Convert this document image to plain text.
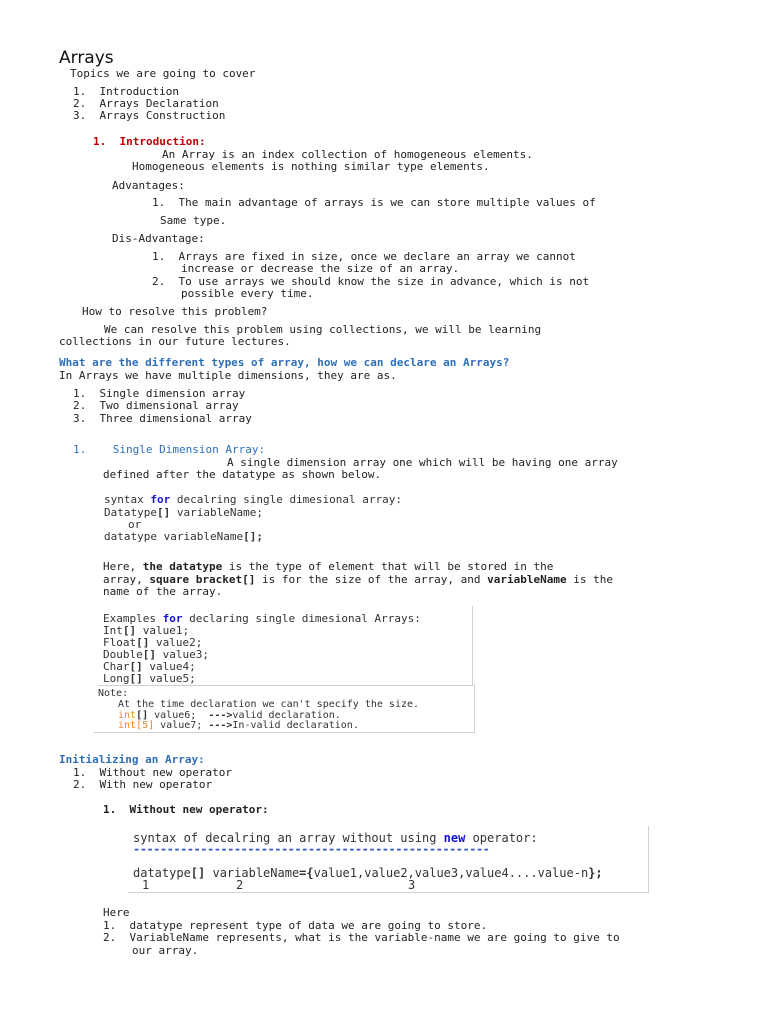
Arrays
Topics we are going to cover
1.  Introduction
2.  Arrays Declaration
3.  Arrays Construction
1.  Introduction:
An Array is an index collection of homogeneous elements.
Homogeneous elements is nothing similar type elements.
Advantages:
1.  The main advantage of arrays is we can store multiple values of
Same type.
Dis-Advantage:
1.  Arrays are fixed in size, once we declare an array we cannot
increase or decrease the size of an array.
2.  To use arrays we should know the size in advance, which is not
possible every time.
How to resolve this problem?
We can resolve this problem using collections, we will be learning
collections in our future lectures.
What are the different types of array, how we can declare an Arrays?
In Arrays we have multiple dimensions, they are as.
1.  Single dimension array
2.  Two dimensional array
3.  Three dimensional array
1.    Single Dimension Array:
A single dimension array one which will be having one array
defined after the datatype as shown below.
syntax for decalring single dimesional array:
Datatype[] variableName;
or
datatype variableName[];
Here, the datatype is the type of element that will be stored in the
array, square bracket[] is for the size of the array, and variableName is the
name of the array.
Examples for declaring single dimesional Arrays:
Int[] value1;
Float[] value2;
Double[] value3;
Char[] value4;
Long[] value5;
Note:
At the time declaration we can't specify the size.
int[] value6;  --->valid declaration.
int[5] value7; --->In-valid declaration.
Initializing an Array:
1.  Without new operator
2.  With new operator
1.  Without new operator:
syntax of decalring an array without using new operator:
-----------------------------------------------------
datatype[] variableName={value1,value2,value3,value4....value-n};
1	2	3
Here
1.  datatype represent type of data we are going to store.
2.  VariableName represents, what is the variable-name we are going to give to
our array.
